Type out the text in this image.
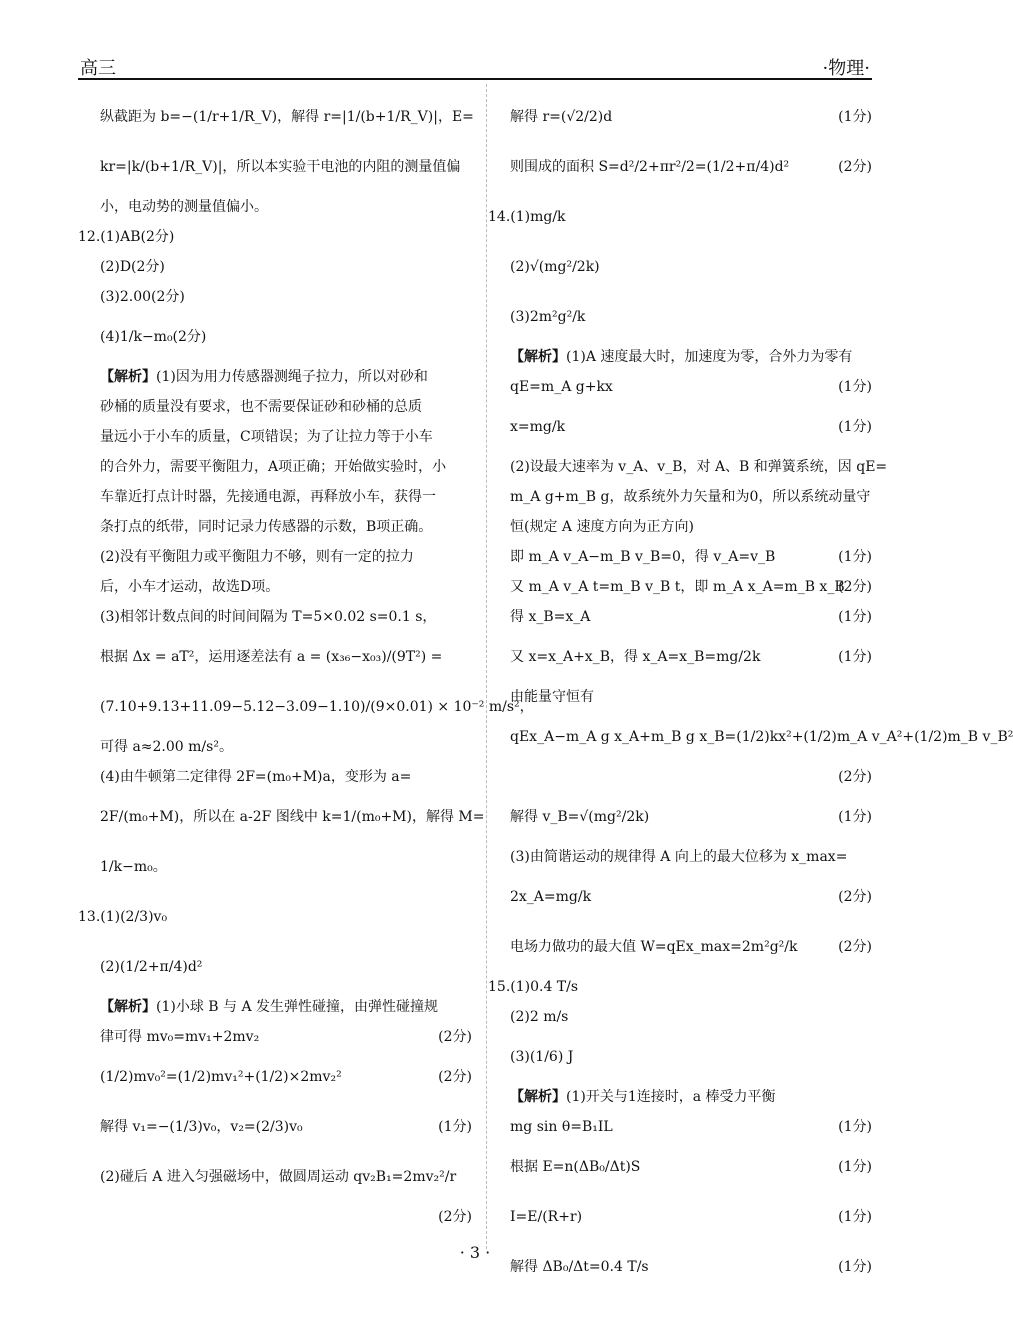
高三	·物理·
纵截距为 b=−(1/r+1/R_V)，解得 r=|1/(b+1/R_V)|，E=
kr=|k/(b+1/R_V)|，所以本实验干电池的内阻的测量值偏
小，电动势的测量值偏小。
12.(1)AB(2分)
(2)D(2分)
(3)2.00(2分)
(4)1/k−m₀(2分)
【解析】(1)因为用力传感器测绳子拉力，所以对砂和
砂桶的质量没有要求，也不需要保证砂和砂桶的总质
量远小于小车的质量，C项错误；为了让拉力等于小车
的合外力，需要平衡阻力，A项正确；开始做实验时，小
车靠近打点计时器，先接通电源，再释放小车，获得一
条打点的纸带，同时记录力传感器的示数，B项正确。
(2)没有平衡阻力或平衡阻力不够，则有一定的拉力
后，小车才运动，故选D项。
(3)相邻计数点间的时间间隔为 T=5×0.02 s=0.1 s，
根据 Δx = aT²，运用逐差法有 a = (x₃₆−x₀₃)/(9T²) =
(7.10+9.13+11.09−5.12−3.09−1.10)/(9×0.01) × 10⁻² m/s²，
可得 a≈2.00 m/s²。
(4)由牛顿第二定律得 2F=(m₀+M)a，变形为 a=
2F/(m₀+M)，所以在 a-2F 图线中 k=1/(m₀+M)，解得 M=
1/k−m₀。
13.(1)(2/3)v₀
(2)(1/2+π/4)d²
【解析】(1)小球 B 与 A 发生弹性碰撞，由弹性碰撞规
律可得 mv₀=mv₁+2mv₂	(2分)
(1/2)mv₀²=(1/2)mv₁²+(1/2)×2mv₂²	(2分)
解得 v₁=−(1/3)v₀，v₂=(2/3)v₀	(1分)
(2)碰后 A 进入匀强磁场中，做圆周运动 qv₂B₁=2mv₂²/r
(2分)
解得 r=(√2/2)d	(1分)
则围成的面积 S=d²/2+πr²/2=(1/2+π/4)d²	(2分)
14.(1)mg/k
(2)√(mg²/2k)
(3)2m²g²/k
【解析】(1)A 速度最大时，加速度为零，合外力为零有
qE=m_A g+kx	(1分)
x=mg/k	(1分)
(2)设最大速率为 v_A、v_B，对 A、B 和弹簧系统，因 qE=
m_A g+m_B g，故系统外力矢量和为0，所以系统动量守
恒(规定 A 速度方向为正方向)
即 m_A v_A−m_B v_B=0，得 v_A=v_B	(1分)
又 m_A v_A t=m_B v_B t，即 m_A x_A=m_B x_B
(2分)
得 x_B=x_A	(1分)
又 x=x_A+x_B，得 x_A=x_B=mg/2k	(1分)
由能量守恒有
qEx_A−m_A g x_A+m_B g x_B=(1/2)kx²+(1/2)m_A v_A²+(1/2)m_B v_B²
(2分)
解得 v_B=√(mg²/2k)	(1分)
(3)由简谐运动的规律得 A 向上的最大位移为 x_max=
2x_A=mg/k	(2分)
电场力做功的最大值 W=qEx_max=2m²g²/k	(2分)
15.(1)0.4 T/s
(2)2 m/s
(3)(1/6) J
【解析】(1)开关与1连接时，a 棒受力平衡
mg sin θ=B₁IL	(1分)
根据 E=n(ΔB₀/Δt)S	(1分)
I=E/(R+r)	(1分)
解得 ΔB₀/Δt=0.4 T/s	(1分)
· 3 ·
